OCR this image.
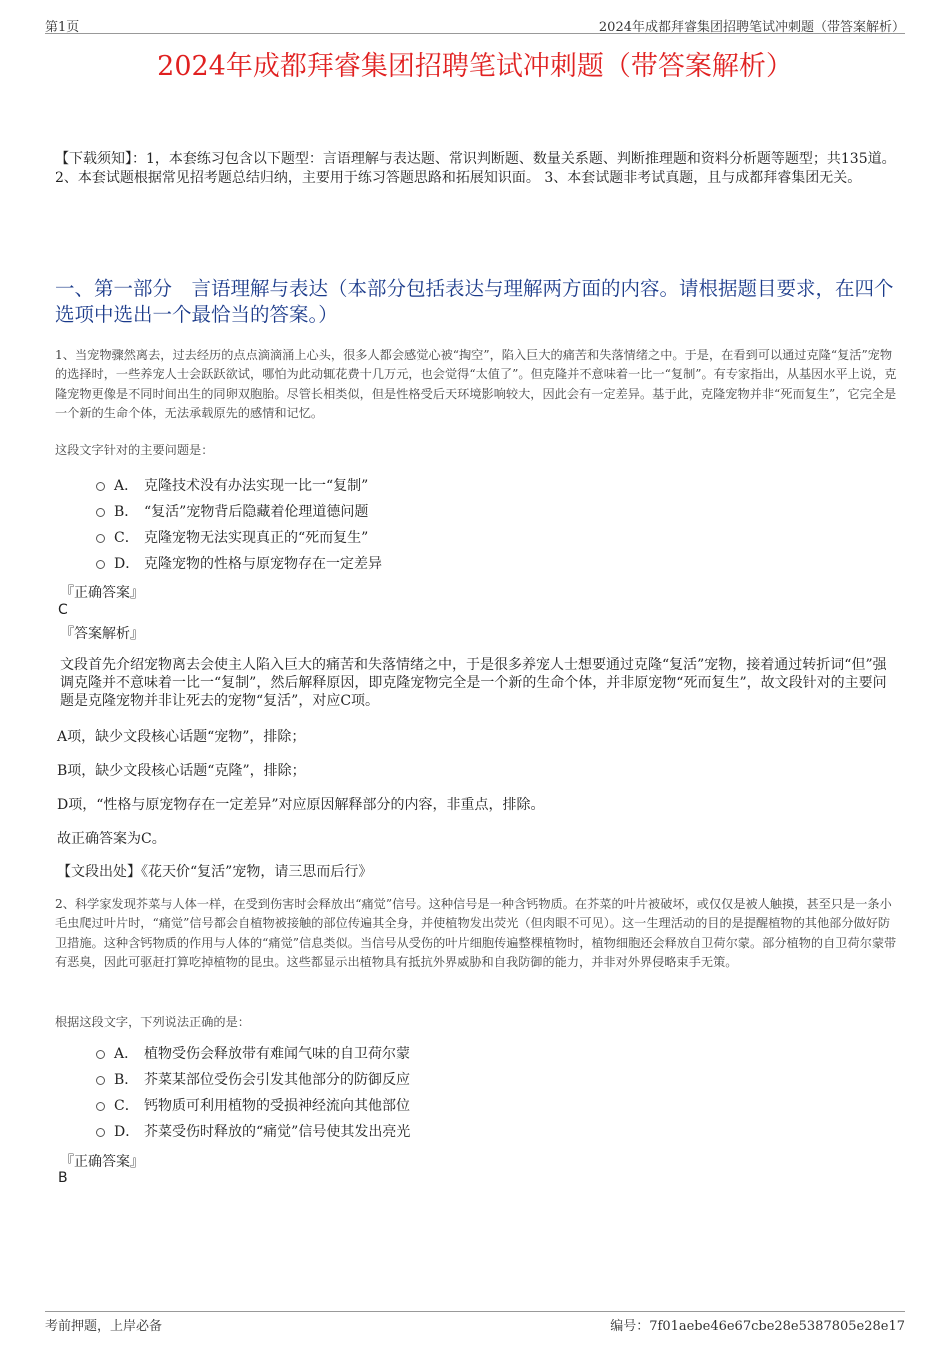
第1页	2024年成都拜睿集团招聘笔试冲刺题（带答案解析）
2024年成都拜睿集团招聘笔试冲刺题（带答案解析）
【下载须知】：1，本套练习包含以下题型：言语理解与表达题、常识判断题、数量关系题、判断推理题和资料分析题等题型；共135道。 2、本套试题根据常见招考题总结归纳，主要用于练习答题思路和拓展知识面。 3、本套试题非考试真题，且与成都拜睿集团无关。
一、第一部分　言语理解与表达（本部分包括表达与理解两方面的内容。请根据题目要求，在四个选项中选出一个最恰当的答案。）
1、当宠物骤然离去，过去经历的点点滴滴涌上心头，很多人都会感觉心被“掏空”，陷入巨大的痛苦和失落情绪之中。于是，在看到可以通过克隆“复活”宠物的选择时，一些养宠人士会跃跃欲试，哪怕为此动辄花费十几万元，也会觉得“太值了”。但克隆并不意味着一比一“复制”。有专家指出，从基因水平上说，克隆宠物更像是不同时间出生的同卵双胞胎。尽管长相类似，但是性格受后天环境影响较大，因此会有一定差异。基于此，克隆宠物并非“死而复生”，它完全是一个新的生命个体，无法承载原先的感情和记忆。
这段文字针对的主要问题是：
A． 克隆技术没有办法实现一比一“复制”
B． “复活”宠物背后隐藏着伦理道德问题
C． 克隆宠物无法实现真正的“死而复生”
D． 克隆宠物的性格与原宠物存在一定差异
『正确答案』
C
『答案解析』
文段首先介绍宠物离去会使主人陷入巨大的痛苦和失落情绪之中，于是很多养宠人士想要通过克隆“复活”宠物，接着通过转折词“但”强调克隆并不意味着一比一“复制”，然后解释原因，即克隆宠物完全是一个新的生命个体，并非原宠物“死而复生”，故文段针对的主要问题是克隆宠物并非让死去的宠物“复活”，对应C项。
A项，缺少文段核心话题“宠物”，排除；
B项，缺少文段核心话题“克隆”，排除；
D项，“性格与原宠物存在一定差异”对应原因解释部分的内容，非重点，排除。
故正确答案为C。
【文段出处】《花天价“复活”宠物，请三思而后行》
2、科学家发现芥菜与人体一样，在受到伤害时会释放出“痛觉”信号。这种信号是一种含钙物质。在芥菜的叶片被破坏，或仅仅是被人触摸，甚至只是一条小毛虫爬过叶片时，“痛觉”信号都会自植物被接触的部位传遍其全身，并使植物发出荧光（但肉眼不可见）。这一生理活动的目的是提醒植物的其他部分做好防卫措施。这种含钙物质的作用与人体的“痛觉”信息类似。当信号从受伤的叶片细胞传遍整棵植物时，植物细胞还会释放自卫荷尔蒙。部分植物的自卫荷尔蒙带有恶臭，因此可驱赶打算吃掉植物的昆虫。这些都显示出植物具有抵抗外界威胁和自我防御的能力，并非对外界侵略束手无策。
根据这段文字，下列说法正确的是：
A． 植物受伤会释放带有难闻气味的自卫荷尔蒙
B． 芥菜某部位受伤会引发其他部分的防御反应
C． 钙物质可利用植物的受损神经流向其他部位
D． 芥菜受伤时释放的“痛觉”信号使其发出亮光
『正确答案』
B
考前押题，上岸必备	编号：7f01aebe46e67cbe28e5387805e28e17
